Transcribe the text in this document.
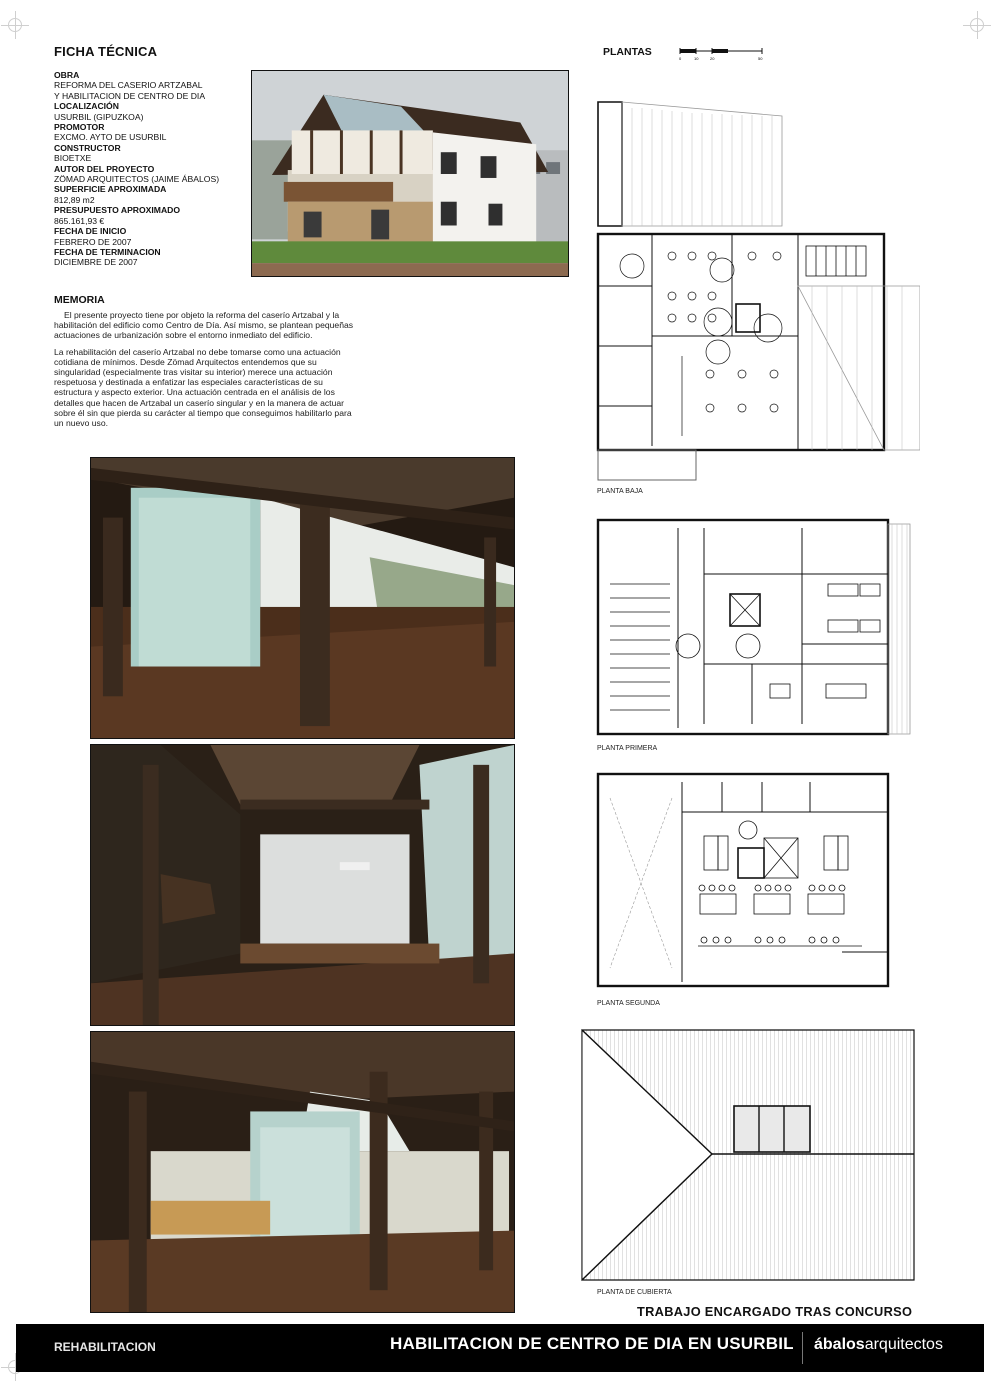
FICHA TÉCNICA
OBRA
REFORMA DEL CASERIO ARTZABAL
Y HABILITACION DE CENTRO DE DIA
LOCALIZACIÓN
USURBIL (GIPUZKOA)
PROMOTOR
EXCMO. AYTO DE USURBIL
CONSTRUCTOR
BIOETXE
AUTOR DEL PROYECTO
ZÖMAD ARQUITECTOS (JAIME ÁBALOS)
SUPERFICIE APROXIMADA
812,89 m2
PRESUPUESTO APROXIMADO
865.161,93 €
FECHA DE INICIO
FEBRERO DE 2007
FECHA DE TERMINACION
DICIEMBRE DE 2007
MEMORIA

El presente proyecto tiene por objeto la reforma del caserío Artzabal y la habilitación del edificio como Centro de Día. Así mismo, se plantean pequeñas actuaciones de urbanización sobre el entorno inmediato del edificio.

La rehabilitación del caserío Artzabal no debe tomarse como una actuación cotidiana de mínimos. Desde Zömad Arquitectos entendemos que su singularidad (especialmente tras visitar su interior) merece una actuación respetuosa y destinada a enfatizar las especiales características de su estructura y aspecto exterior. Una actuación centrada en el análisis de los detalles que hacen de Artzabal un caserío singular y en la manera de actuar sobre él sin que pierda su carácter al tiempo que conseguimos habilitarlo para un nuevo uso.

PLANTAS
0	10	20	50
PLANTA BAJA
PLANTA PRIMERA
PLANTA SEGUNDA
PLANTA DE CUBIERTA
TRABAJO ENCARGADO TRAS CONCURSO
REHABILITACION	HABILITACION DE CENTRO DE DIA EN USURBIL ábalosarquitectos
